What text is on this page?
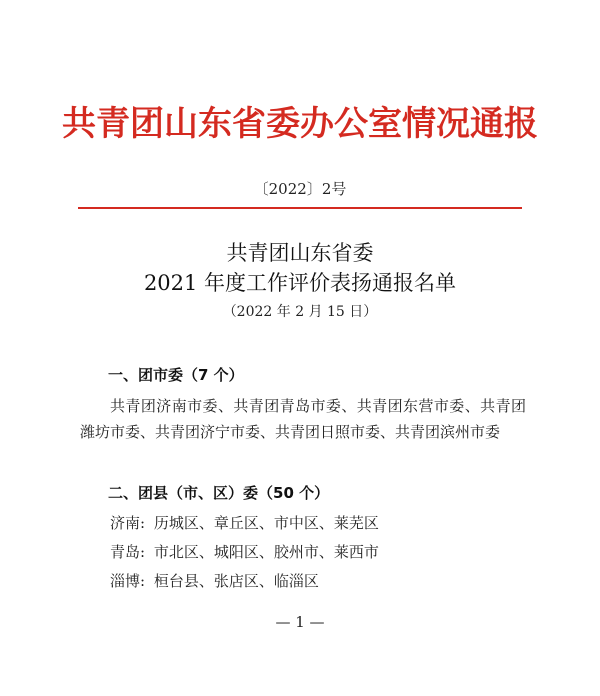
共青团山东省委办公室情况通报
〔2022〕2号
共青团山东省委
2021 年度工作评价表扬通报名单
（2022 年 2 月 15 日）
一、团市委（7 个）
共青团济南市委、共青团青岛市委、共青团东营市委、共青团潍坊市委、共青团济宁市委、共青团日照市委、共青团滨州市委
二、团县（市、区）委（50 个）
济南: 历城区、章丘区、市中区、莱芜区
青岛: 市北区、城阳区、胶州市、莱西市
淄博: 桓台县、张店区、临淄区
— 1 —
